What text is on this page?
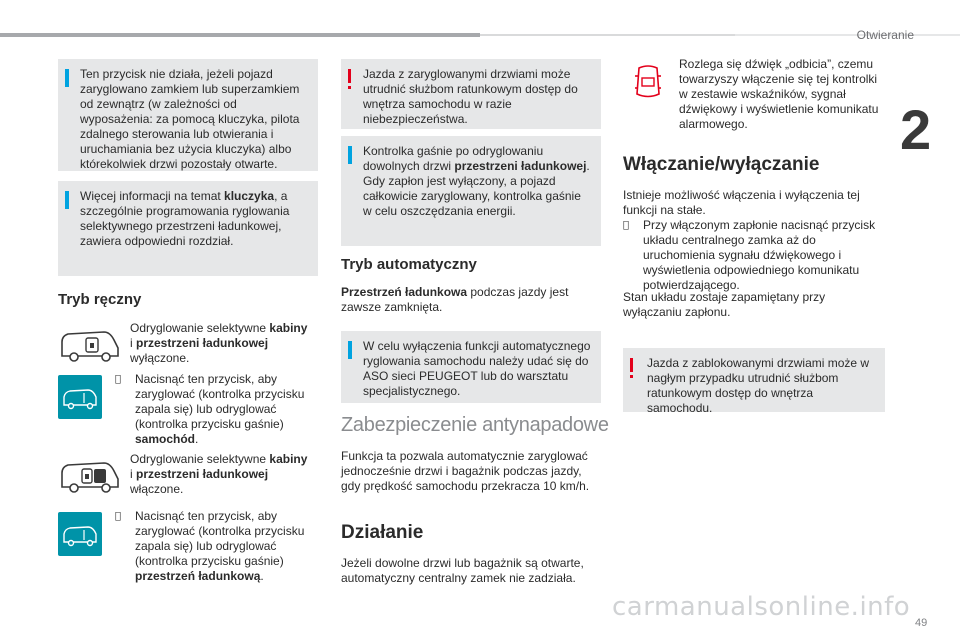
Otwieranie
2

Ten przycisk nie działa, jeżeli pojazd zaryglowano zamkiem lub superzamkiem od zewnątrz (w zależności od wyposażenia: za pomocą kluczyka, pilota zdalnego sterowania lub otwierania i uruchamiania bez użycia kluczyka) albo którekolwiek drzwi pozostały otwarte.

Więcej informacji na temat kluczyka, a szczególnie programowania ryglowania selektywnego przestrzeni ładunkowej, zawiera odpowiedni rozdział.

Tryb ręczny

Odryglowanie selektywne kabiny
i przestrzeni ładunkowej
wyłączone.

Nacisnąć ten przycisk, aby zaryglować (kontrolka przycisku zapala się) lub odryglować (kontrolka przycisku gaśnie) samochód.

Odryglowanie selektywne kabiny
i przestrzeni ładunkowej
włączone.

Nacisnąć ten przycisk, aby zaryglować (kontrolka przycisku zapala się) lub odryglować (kontrolka przycisku gaśnie) przestrzeń ładunkową.

Jazda z zaryglowanymi drzwiami może utrudnić służbom ratunkowym dostęp do wnętrza samochodu w razie niebezpieczeństwa.

Kontrolka gaśnie po odryglowaniu dowolnych drzwi przestrzeni ładunkowej. Gdy zapłon jest wyłączony, a pojazd całkowicie zaryglowany, kontrolka gaśnie w celu oszczędzania energii.

Tryb automatyczny

Przestrzeń ładunkowa podczas jazdy jest zawsze zamknięta.

W celu wyłączenia funkcji automatycznego ryglowania samochodu należy udać się do ASO sieci PEUGEOT lub do warsztatu specjalistycznego.

Zabezpieczenie antynapadowe

Funkcja ta pozwala automatycznie zaryglować jednocześnie drzwi i bagażnik podczas jazdy, gdy prędkość samochodu przekracza 10 km/h.

Działanie

Jeżeli dowolne drzwi lub bagażnik są otwarte, automatyczny centralny zamek nie zadziała.

Rozlega się dźwięk „odbicia”, czemu towarzyszy włączenie się tej kontrolki w zestawie wskaźników, sygnał dźwiękowy i wyświetlenie komunikatu alarmowego.

Włączanie/wyłączanie

Istnieje możliwość włączenia i wyłączenia tej funkcji na stałe.

Przy włączonym zapłonie nacisnąć przycisk układu centralnego zamka aż do uruchomienia sygnału dźwiękowego i wyświetlenia odpowiedniego komunikatu potwierdzającego.

Stan układu zostaje zapamiętany przy wyłączaniu zapłonu.

Jazda z zablokowanymi drzwiami może w nagłym przypadku utrudnić służbom ratunkowym dostęp do wnętrza samochodu.

carmanualsonline.info
49
